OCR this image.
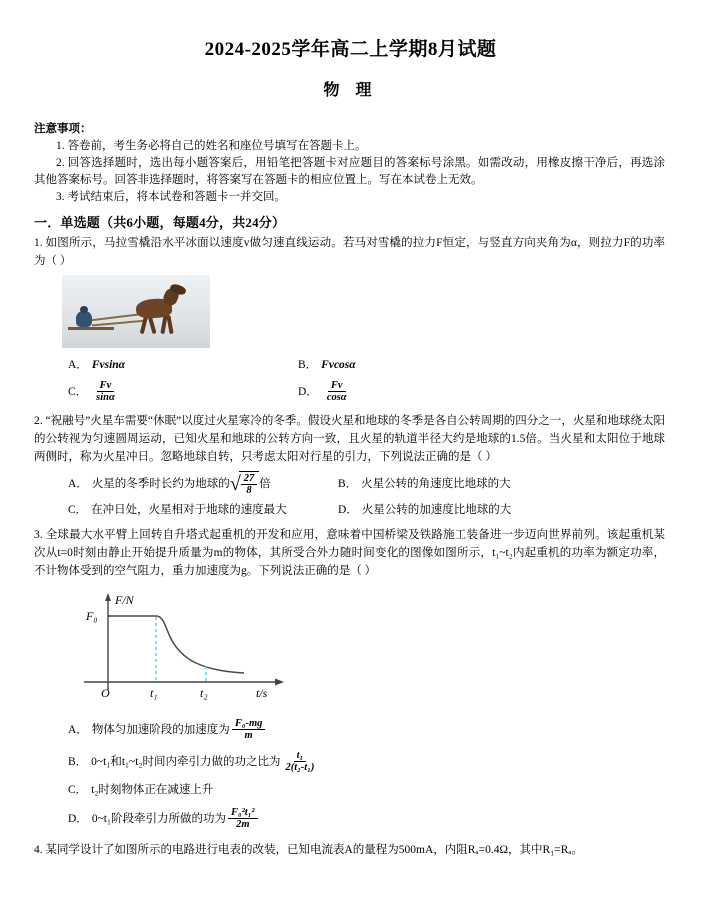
2024-2025学年高二上学期8月试题
物 理
注意事项：
1. 答卷前，考生务必将自己的姓名和座位号填写在答题卡上。
2. 回答选择题时，选出每小题答案后，用铅笔把答题卡对应题目的答案标号涂黑。如需改动，用橡皮擦干净后，再选涂其他答案标号。回答非选择题时，将答案写在答题卡的相应位置上。写在本试卷上无效。
3. 考试结束后，将本试卷和答题卡一并交回。
一．单选题（共6小题，每题4分，共24分）
1. 如图所示，马拉雪橇沿水平冰面以速度v做匀速直线运动。若马对雪橇的拉力F恒定，与竖直方向夹角为α，则拉力F的功率为（ ）
A． Fvsinα	B． Fvcosα
C． $\frac{Fv}{\sin\alpha}$	D． $\frac{Fv}{\cos\alpha}$
2. “祝融号”火星车需要“休眠”以度过火星寒冷的冬季。假设火星和地球的冬季是各自公转周期的四分之一，火星和地球绕太阳的公转视为匀速圆周运动，已知火星和地球的公转方向一致，且火星的轨道半径大约是地球的1.5倍。当火星和太阳位于地球两侧时，称为火星冲日。忽略地球自转，只考虑太阳对行星的引力，下列说法正确的是（ ）
A． 火星的冬季时长约为地球的 √ $\frac{27}{8}$ 倍	B． 火星公转的角速度比地球的大
C． 在冲日处，火星相对于地球的速度最大	D． 火星公转的加速度比地球的大
3. 全球最大水平臂上回转自升塔式起重机的开发和应用，意味着中国桥梁及铁路施工装备进一步迈向世界前列。该起重机某次从t=0时刻由静止开始提升质量为m的物体，其所受合外力随时间变化的图像如图所示，t₁~t₂内起重机的功率为额定功率，不计物体受到的空气阻力，重力加速度为g。下列说法正确的是（ ）
F/N
F₀
O	t₁	t₂	t/s
A． 物体匀加速阶段的加速度为 $\frac{\text{F₀-mg}}{m}$
B． 0~t₁和t₁~t₂时间内牵引力做的功之比为 $\frac{\text{t₁}}{\text{2(t₂-t₁)}}$
C． t₂时刻物体正在减速上升
D． 0~t₁阶段牵引力所做的功为 $\frac{\text{F₀²t₁²}}{2m}$
4. 某同学设计了如图所示的电路进行电表的改装，已知电流表A的量程为500mA，内阻Rₐ=0.4Ω，其中R₁=Rₐ。
